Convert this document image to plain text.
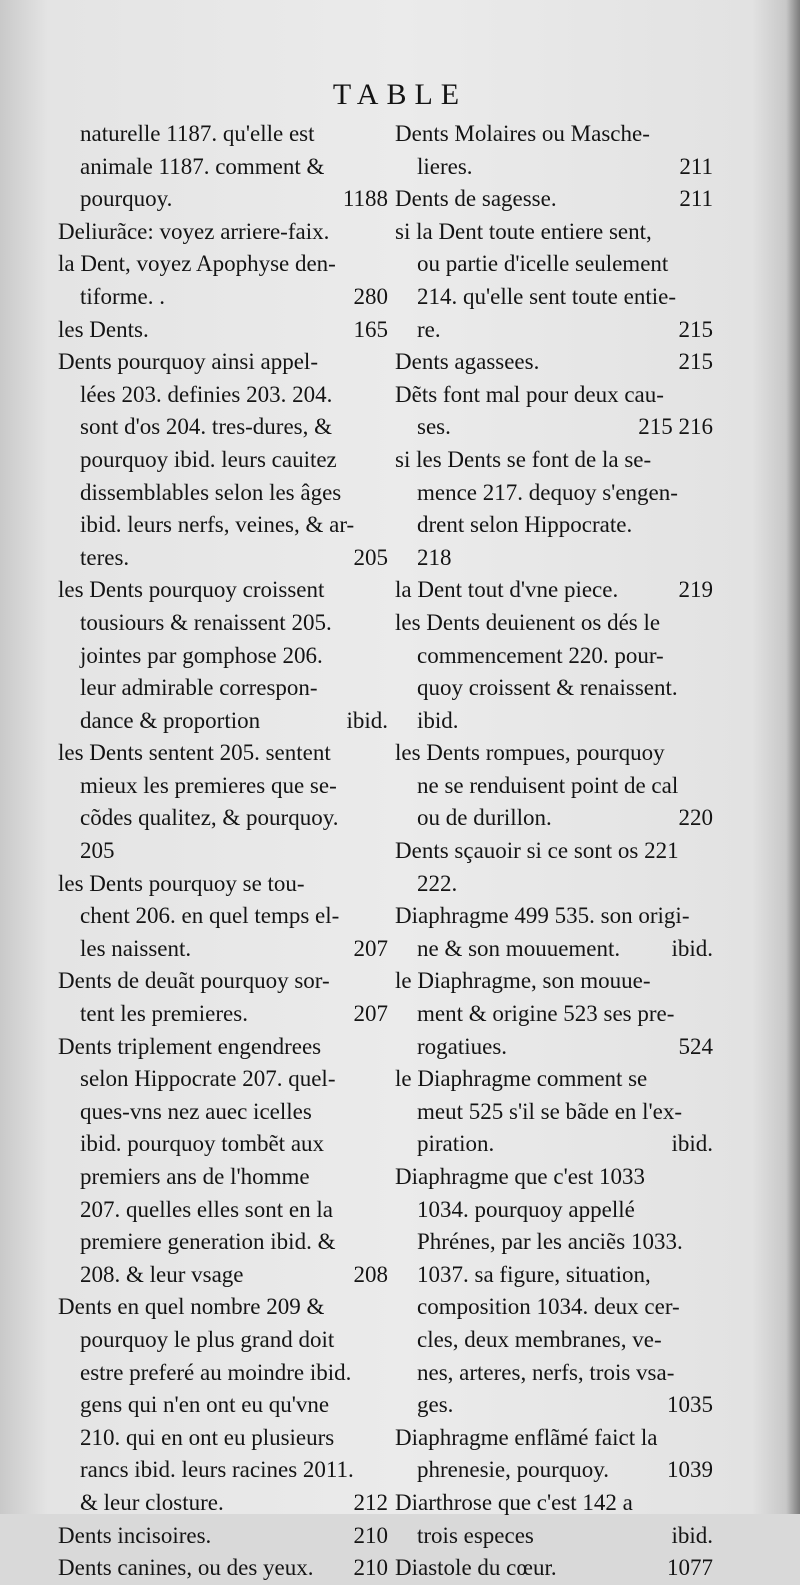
TABLE
naturelle 1187. qu'elle est
animale 1187. comment &
1188
pourquoy.
Deliurãce: voyez arriere-faix.
la Dent, voyez Apophyse den-
280
tiforme. .
165
les Dents.
Dents pourquoy ainsi appel-
lées 203. definies 203. 204.
sont d'os 204. tres-dures, &
pourquoy ibid. leurs cauitez
dissemblables selon les âges
ibid. leurs nerfs, veines, & ar-
205
teres.
les Dents pourquoy croissent
tousiours & renaissent 205.
jointes par gomphose 206.
leur admirable correspon-
ibid.
dance & proportion
les Dents sentent 205. sentent
mieux les premieres que se-
cõdes qualitez, & pourquoy.
205
les Dents pourquoy se tou-
chent 206. en quel temps el-
207
les naissent.
Dents de deuãt pourquoy sor-
207
tent les premieres.
Dents triplement engendrees
selon Hippocrate 207. quel-
ques-vns nez auec icelles
ibid. pourquoy tombẽt aux
premiers ans de l'homme
207. quelles elles sont en la
premiere generation ibid. &
208
208. & leur vsage
Dents en quel nombre 209 &
pourquoy le plus grand doit
estre preferé au moindre ibid.
gens qui n'en ont eu qu'vne
210. qui en ont eu plusieurs
rancs ibid. leurs racines 2011.
212
& leur closture.
210
Dents incisoires.
210
Dents canines, ou des yeux.
Dents Molaires ou Masche-
211
lieres.
211
Dents de sagesse.
si la Dent toute entiere sent,
ou partie d'icelle seulement
214. qu'elle sent toute entie-
215
re.
215
Dents agassees.
Dẽts font mal pour deux cau-
215 216
ses.
si les Dents se font de la se-
mence 217. dequoy s'engen-
drent selon Hippocrate.
218
219
la Dent tout d'vne piece.
les Dents deuienent os dés le
commencement 220. pour-
quoy croissent & renaissent.
ibid.
les Dents rompues, pourquoy
ne se renduisent point de cal
220
ou de durillon.
Dents sçauoir si ce sont os 221
222.
Diaphragme 499 535. son origi-
ibid.
ne & son mouuement.
le Diaphragme, son mouue-
ment & origine 523 ses pre-
524
rogatiues.
le Diaphragme comment se
meut 525 s'il se bãde en l'ex-
ibid.
piration.
Diaphragme que c'est 1033
1034. pourquoy appellé
Phrénes, par les anciẽs 1033.
1037. sa figure, situation,
composition 1034. deux cer-
cles, deux membranes, ve-
nes, arteres, nerfs, trois vsa-
1035
ges.
Diaphragme enflãmé faict la
1039
phrenesie, pourquoy.
Diarthrose que c'est 142 a
ibid.
trois especes
1077
Diastole du cœur.
